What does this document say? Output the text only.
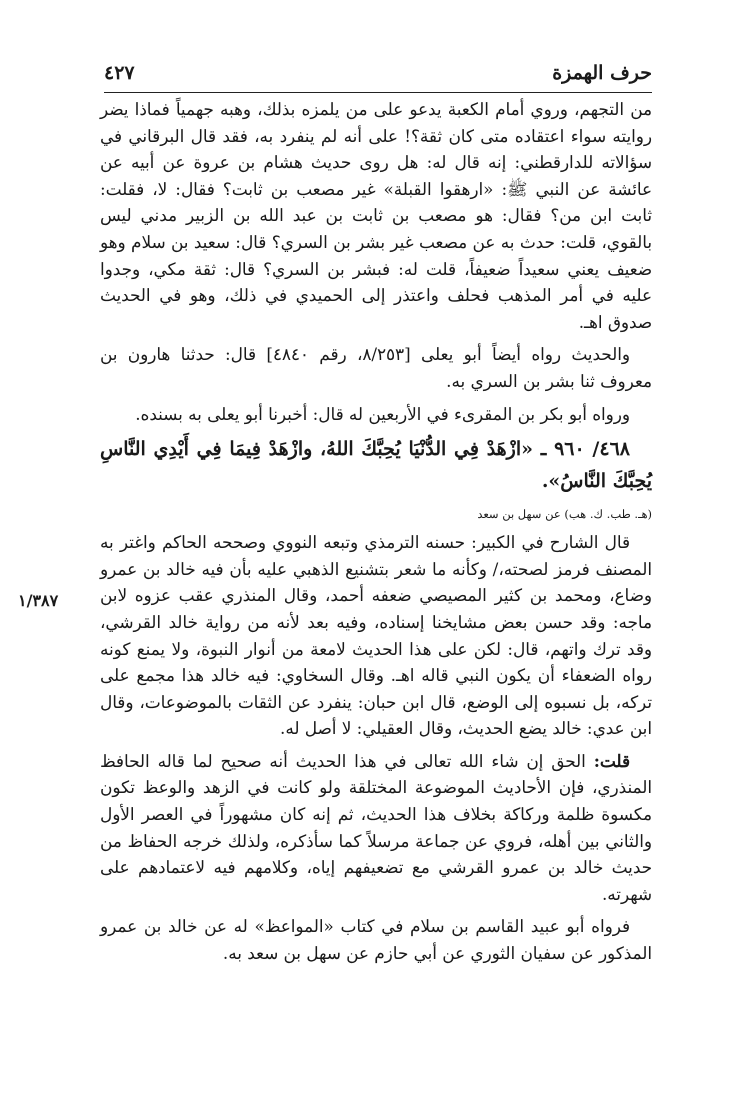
حرف الهمزة
٤٢٧
١/٣٨٧

من التجهم، وروي أمام الكعبة يدعو على من يلمزه بذلك، وهبه جهمياً فماذا يضر روايته سواء اعتقاده متى كان ثقة؟! على أنه لم ينفرد به، فقد قال البرقاني في سؤالاته للدارقطني: إنه قال له: هل روى حديث هشام بن عروة عن أبيه عن عائشة عن النبي ﷺ: «ارهقوا القبلة» غير مصعب بن ثابت؟ فقال: لا، فقلت: ثابت ابن من؟ فقال: هو مصعب بن ثابت بن عبد الله بن الزبير مدني ليس بالقوي، قلت: حدث به عن مصعب غير بشر بن السري؟ قال: سعيد بن سلام وهو ضعيف يعني سعيداً ضعيفاً، قلت له: فبشر بن السري؟ قال: ثقة مكي، وجدوا عليه في أمر المذهب فحلف واعتذر إلى الحميدي في ذلك، وهو في الحديث صدوق اهـ.

والحديث رواه أيضاً أبو يعلى [٨/٢٥٣، رقم ٤٨٤٠] قال: حدثنا هارون بن معروف ثنا بشر بن السري به.

ورواه أبو بكر بن المقرىء في الأربعين له قال: أخبرنا أبو يعلى به بسنده.

٤٦٨/ ٩٦٠ ـ «ازْهَدْ فِي الدُّنْيَا يُحِبَّكَ اللهُ، وازْهَدْ فِيمَا فِي أَيْدِي النَّاسِ يُحِبَّكَ النَّاسُ».
(هـ. طب. ك. هب) عن سهل بن سعد

قال الشارح في الكبير: حسنه الترمذي وتبعه النووي وصححه الحاكم واغتر به المصنف فرمز لصحته،/ وكأنه ما شعر بتشنيع الذهبي عليه بأن فيه خالد بن عمرو وضاع، ومحمد بن كثير المصيصي ضعفه أحمد، وقال المنذري عقب عزوه لابن ماجه: وقد حسن بعض مشايخنا إسناده، وفيه بعد لأنه من رواية خالد القرشي، وقد ترك واتهم، قال: لكن على هذا الحديث لامعة من أنوار النبوة، ولا يمنع كونه رواه الضعفاء أن يكون النبي قاله اهـ. وقال السخاوي: فيه خالد هذا مجمع على تركه، بل نسبوه إلى الوضع، قال ابن حبان: ينفرد عن الثقات بالموضوعات، وقال ابن عدي: خالد يضع الحديث، وقال العقيلي: لا أصل له.

قلت: الحق إن شاء الله تعالى في هذا الحديث أنه صحيح لما قاله الحافظ المنذري، فإن الأحاديث الموضوعة المختلقة ولو كانت في الزهد والوعظ تكون مكسوة ظلمة وركاكة بخلاف هذا الحديث، ثم إنه كان مشهوراً في العصر الأول والثاني بين أهله، فروي عن جماعة مرسلاً كما سأذكره، ولذلك خرجه الحفاظ من حديث خالد بن عمرو القرشي مع تضعيفهم إياه، وكلامهم فيه لاعتمادهم على شهرته.

فرواه أبو عبيد القاسم بن سلام في كتاب «المواعظ» له عن خالد بن عمرو المذكور عن سفيان الثوري عن أبي حازم عن سهل بن سعد به.
